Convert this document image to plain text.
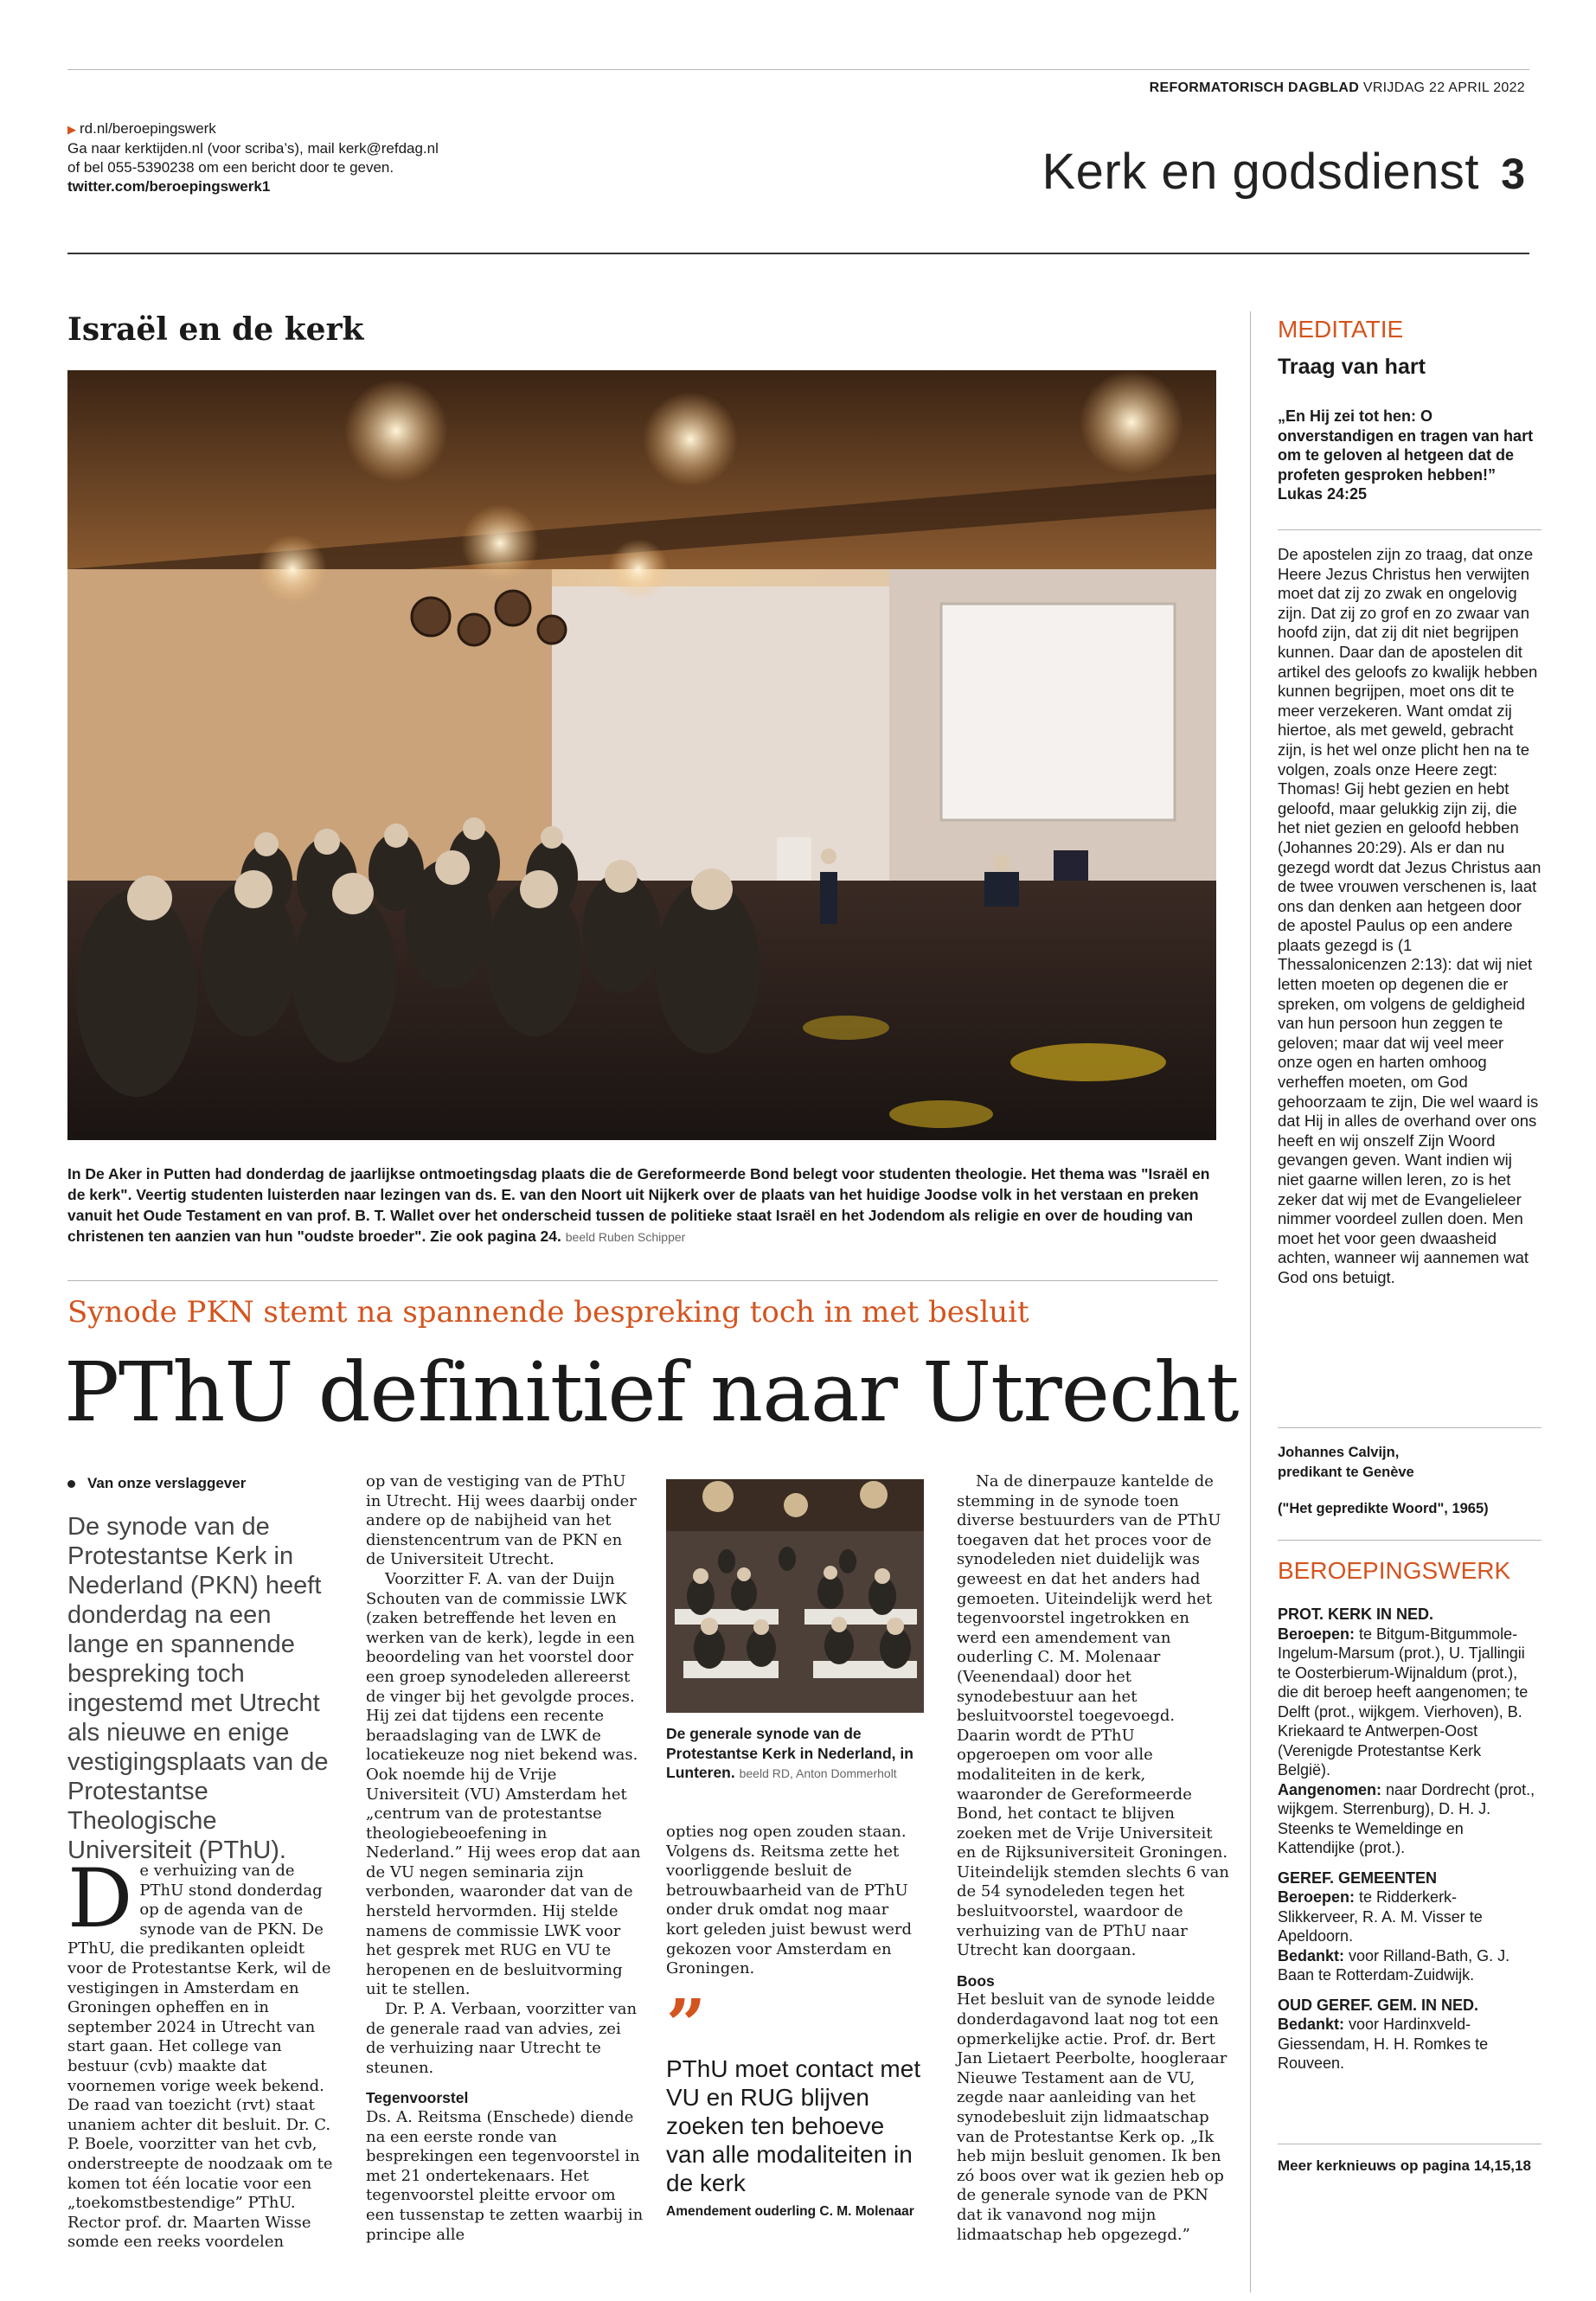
REFORMATORISCH DAGBLAD VRIJDAG 22 APRIL 2022
▶ rd.nl/beroepingswerk
Ga naar kerktijden.nl (voor scriba’s), mail kerk@refdag.nl
of bel 055-5390238 om een bericht door te geven.
twitter.com/beroepingswerk1	Kerk en godsdienst 3
Israël en de kerk
In De Aker in Putten had donderdag de jaarlijkse ontmoetingsdag plaats die de Gereformeerde Bond belegt voor studenten theologie. Het thema was "Israël en de kerk". Veertig studenten luisterden naar lezingen van ds. E. van den Noort uit Nijkerk over de plaats van het huidige Joodse volk in het verstaan en preken vanuit het Oude Testament en van prof. B. T. Wallet over het onderscheid tussen de politieke staat Israël en het Jodendom als religie en over de houding van christenen ten aanzien van hun "oudste broeder". Zie ook pagina 24. beeld Ruben Schipper
Synode PKN stemt na spannende bespreking toch in met besluit
PThU definitief naar Utrecht
Van onze verslaggever
De synode van de Protestantse Kerk in Nederland (PKN) heeft donderdag na een lange en spannende bespreking toch ingestemd met Utrecht als nieuwe en enige vestigingsplaats van de Protestantse Theologische Universiteit (PThU).
D e verhuizing van de PThU stond donderdag op de agenda van de synode van de PKN. De PThU, die predikanten opleidt voor de Protestantse Kerk, wil de vestigingen in Amsterdam en Groningen opheffen en in september 2024 in Utrecht van start gaan. Het college van bestuur (cvb) maakte dat voornemen vorige week bekend. De raad van toezicht (rvt) staat unaniem achter dit besluit. Dr. C. P. Boele, voorzitter van het cvb, onderstreepte de noodzaak om te komen tot één locatie voor een „toekomstbestendige” PThU. Rector prof. dr. Maarten Wisse somde een reeks voordelen

op van de vestiging van de PThU in Utrecht. Hij wees daarbij onder andere op de nabijheid van het dienstencentrum van de PKN en de Universiteit Utrecht.

Voorzitter F. A. van der Duijn Schouten van de commissie LWK (zaken betreffende het leven en werken van de kerk), legde in een beoordeling van het voorstel door een groep synodeleden allereerst de vinger bij het gevolgde proces. Hij zei dat tijdens een recente beraadslaging van de LWK de locatiekeuze nog niet bekend was. Ook noemde hij de Vrije Universiteit (VU) Amsterdam het „centrum van de protestantse theologiebeoefening in Nederland.” Hij wees erop dat aan de VU negen seminaria zijn verbonden, waaronder dat van de hersteld hervormden. Hij stelde namens de commissie LWK voor het gesprek met RUG en VU te heropenen en de besluitvorming uit te stellen.

Dr. P. A. Verbaan, voorzitter van de generale raad van advies, zei de verhuizing naar Utrecht te steunen.

Tegenvoorstel

Ds. A. Reitsma (Enschede) diende na een eerste ronde van besprekingen een tegenvoorstel in met 21 ondertekenaars. Het tegenvoorstel pleitte ervoor om een tussenstap te zetten waarbij in principe alle

De generale synode van de Protestantse Kerk in Nederland, in Lunteren. beeld RD, Anton Dommerholt

opties nog open zouden staan. Volgens ds. Reitsma zette het voorliggende besluit de betrouwbaarheid van de PThU onder druk omdat nog maar kort geleden juist bewust werd gekozen voor Amsterdam en Groningen.

”
PThU moet contact met VU en RUG blijven zoeken ten behoeve van alle modaliteiten in de kerk
Amendement ouderling C. M. Molenaar

Na de dinerpauze kantelde de stemming in de synode toen diverse bestuurders van de PThU toegaven dat het proces voor de synodeleden niet duidelijk was geweest en dat het anders had gemoeten. Uiteindelijk werd het tegenvoorstel ingetrokken en werd een amendement van ouderling C. M. Molenaar (Veenendaal) door het synodebestuur aan het besluitvoorstel toegevoegd. Daarin wordt de PThU opgeroepen om voor alle modaliteiten in de kerk, waaronder de Gereformeerde Bond, het contact te blijven zoeken met de Vrije Universiteit en de Rijksuniversiteit Groningen. Uiteindelijk stemden slechts 6 van de 54 synodeleden tegen het besluitvoorstel, waardoor de verhuizing van de PThU naar Utrecht kan doorgaan.

Boos

Het besluit van de synode leidde donderdagavond laat nog tot een opmerkelijke actie. Prof. dr. Bert Jan Lietaert Peerbolte, hoogleraar Nieuwe Testament aan de VU, zegde naar aanleiding van het synodebesluit zijn lidmaatschap van de Protestantse Kerk op. „Ik heb mijn besluit genomen. Ik ben zó boos over wat ik gezien heb op de generale synode van de PKN dat ik vanavond nog mijn lidmaatschap heb opgezegd.”

MEDITATIE
Traag van hart
„En Hij zei tot hen: O onverstandigen en tragen van hart om te geloven al hetgeen dat de profeten gesproken hebben!”
Lukas 24:25
De apostelen zijn zo traag, dat onze Heere Jezus Christus hen verwijten moet dat zij zo zwak en ongelovig zijn. Dat zij zo grof en zo zwaar van hoofd zijn, dat zij dit niet begrijpen kunnen. Daar dan de apostelen dit artikel des geloofs zo kwalijk hebben kunnen begrijpen, moet ons dit te meer verzekeren. Want omdat zij hiertoe, als met geweld, gebracht zijn, is het wel onze plicht hen na te volgen, zoals onze Heere zegt: Thomas! Gij hebt gezien en hebt geloofd, maar gelukkig zijn zij, die het niet gezien en geloofd hebben (Johannes 20:29). Als er dan nu gezegd wordt dat Jezus Christus aan de twee vrouwen verschenen is, laat ons dan denken aan hetgeen door de apostel Paulus op een andere plaats gezegd is (1 Thessalonicenzen 2:13): dat wij niet letten moeten op degenen die er spreken, om volgens de geldigheid van hun persoon hun zeggen te geloven; maar dat wij veel meer onze ogen en harten omhoog verheffen moeten, om God gehoorzaam te zijn, Die wel waard is dat Hij in alles de overhand over ons heeft en wij onszelf Zijn Woord gevangen geven. Want indien wij niet gaarne willen leren, zo is het zeker dat wij met de Evangelieleer nimmer voordeel zullen doen. Men moet het voor geen dwaasheid achten, wanneer wij aannemen wat God ons betuigt.
Johannes Calvijn,
predikant te Genève
("Het gepredikte Woord", 1965)
BEROEPINGSWERK
PROT. KERK IN NED.
Beroepen: te Bitgum-Bitgummole-Ingelum-Marsum (prot.), U. Tjallingii te Oosterbierum-Wijnaldum (prot.), die dit beroep heeft aangenomen; te Delft (prot., wijkgem. Vierhoven), B. Kriekaard te Antwerpen-Oost (Verenigde Protestantse Kerk België).
Aangenomen: naar Dordrecht (prot., wijkgem. Sterrenburg), D. H. J. Steenks te Wemeldinge en Kattendijke (prot.).
GEREF. GEMEENTEN
Beroepen: te Ridderkerk-Slikkerveer, R. A. M. Visser te Apeldoorn.
Bedankt: voor Rilland-Bath, G. J. Baan te Rotterdam-Zuidwijk.
OUD GEREF. GEM. IN NED.
Bedankt: voor Hardinxveld-Giessendam, H. H. Romkes te Rouveen.
Meer kerknieuws op pagina 14,15,18
